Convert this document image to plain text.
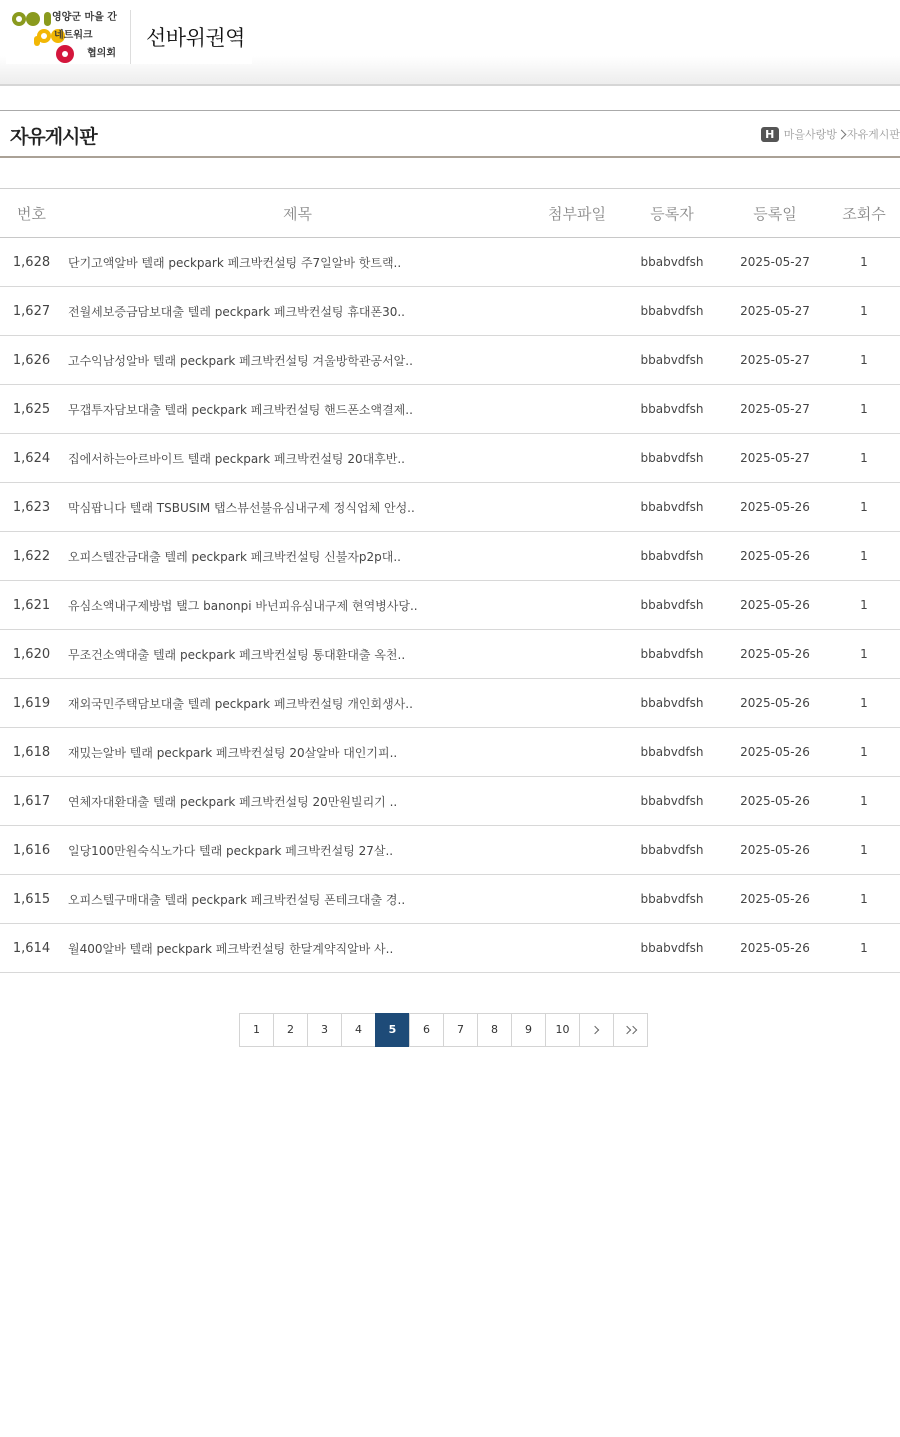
영양군 마을 간
네트워크
협의회
선바위권역
자유게시판	H 마을사랑방 자유게시판
번호	제목	첨부파일	등록자	등록일	조회수
1,628	단기고액알바 텔래 peckpark 페크박컨설팅 주7일알바 핫트랙..		bbabvdfsh	2025-05-27	1
1,627	전월세보증금담보대출 텔레 peckpark 페크박컨설팅 휴대폰30..		bbabvdfsh	2025-05-27	1
1,626	고수익남성알바 텔래 peckpark 페크박컨설팅 겨울방학관공서알..		bbabvdfsh	2025-05-27	1
1,625	무갭투자담보대출 텔래 peckpark 페크박컨설팅 핸드폰소액결제..		bbabvdfsh	2025-05-27	1
1,624	집에서하는아르바이트 텔래 peckpark 페크박컨설팅 20대후반..		bbabvdfsh	2025-05-27	1
1,623	막심팝니다 텔래 TSBUSIM 탭스뷰선불유심내구제 정식업체 안성..		bbabvdfsh	2025-05-26	1
1,622	오피스텔잔금대출 텔레 peckpark 페크박컨설팅 신불자p2p대..		bbabvdfsh	2025-05-26	1
1,621	유심소액내구제방법 탤그 banonpi 바넌피유심내구제 현역병사당..		bbabvdfsh	2025-05-26	1
1,620	무조건소액대출 텔래 peckpark 페크박컨설팅 통대환대출 옥천..		bbabvdfsh	2025-05-26	1
1,619	재외국민주택담보대출 텔레 peckpark 페크박컨설팅 개인회생사..		bbabvdfsh	2025-05-26	1
1,618	재밌는알바 텔래 peckpark 페크박컨설팅 20살알바 대인기피..		bbabvdfsh	2025-05-26	1
1,617	연체자대환대출 텔래 peckpark 페크박컨설팅 20만원빌리기 ..		bbabvdfsh	2025-05-26	1
1,616	일당100만원숙식노가다 텔래 peckpark 페크박컨설팅 27살..		bbabvdfsh	2025-05-26	1
1,615	오피스텔구매대출 텔래 peckpark 페크박컨설팅 폰테크대출 경..		bbabvdfsh	2025-05-26	1
1,614	월400알바 텔래 peckpark 페크박컨설팅 한달계약직알바 사..		bbabvdfsh	2025-05-26	1
1	2	3	4	5	6	7	8	9	10
